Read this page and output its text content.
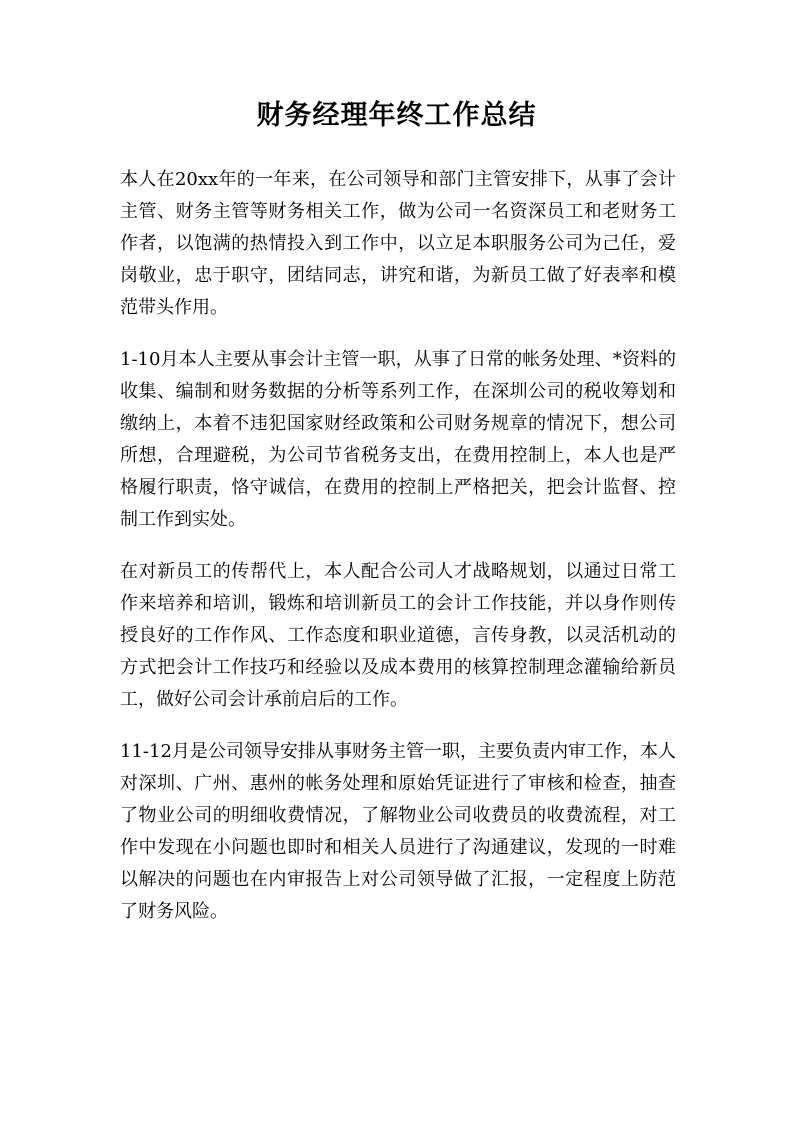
财务经理年终工作总结

本人在20xx年的一年来，在公司领导和部门主管安排下，从事了会计主管、财务主管等财务相关工作，做为公司一名资深员工和老财务工作者，以饱满的热情投入到工作中，以立足本职服务公司为己任，爱岗敬业，忠于职守，团结同志，讲究和谐，为新员工做了好表率和模范带头作用。

1-10月本人主要从事会计主管一职，从事了日常的帐务处理、*资料的收集、编制和财务数据的分析等系列工作，在深圳公司的税收筹划和缴纳上，本着不违犯国家财经政策和公司财务规章的情况下，想公司所想，合理避税，为公司节省税务支出，在费用控制上，本人也是严格履行职责，恪守诚信，在费用的控制上严格把关，把会计监督、控制工作到实处。

在对新员工的传帮代上，本人配合公司人才战略规划，以通过日常工作来培养和培训，锻炼和培训新员工的会计工作技能，并以身作则传授良好的工作作风、工作态度和职业道德，言传身教，以灵活机动的方式把会计工作技巧和经验以及成本费用的核算控制理念灌输给新员工，做好公司会计承前启后的工作。

11-12月是公司领导安排从事财务主管一职，主要负责内审工作，本人对深圳、广州、惠州的帐务处理和原始凭证进行了审核和检查，抽查了物业公司的明细收费情况，了解物业公司收费员的收费流程，对工作中发现在小问题也即时和相关人员进行了沟通建议，发现的一时难以解决的问题也在内审报告上对公司领导做了汇报，一定程度上防范了财务风险。
